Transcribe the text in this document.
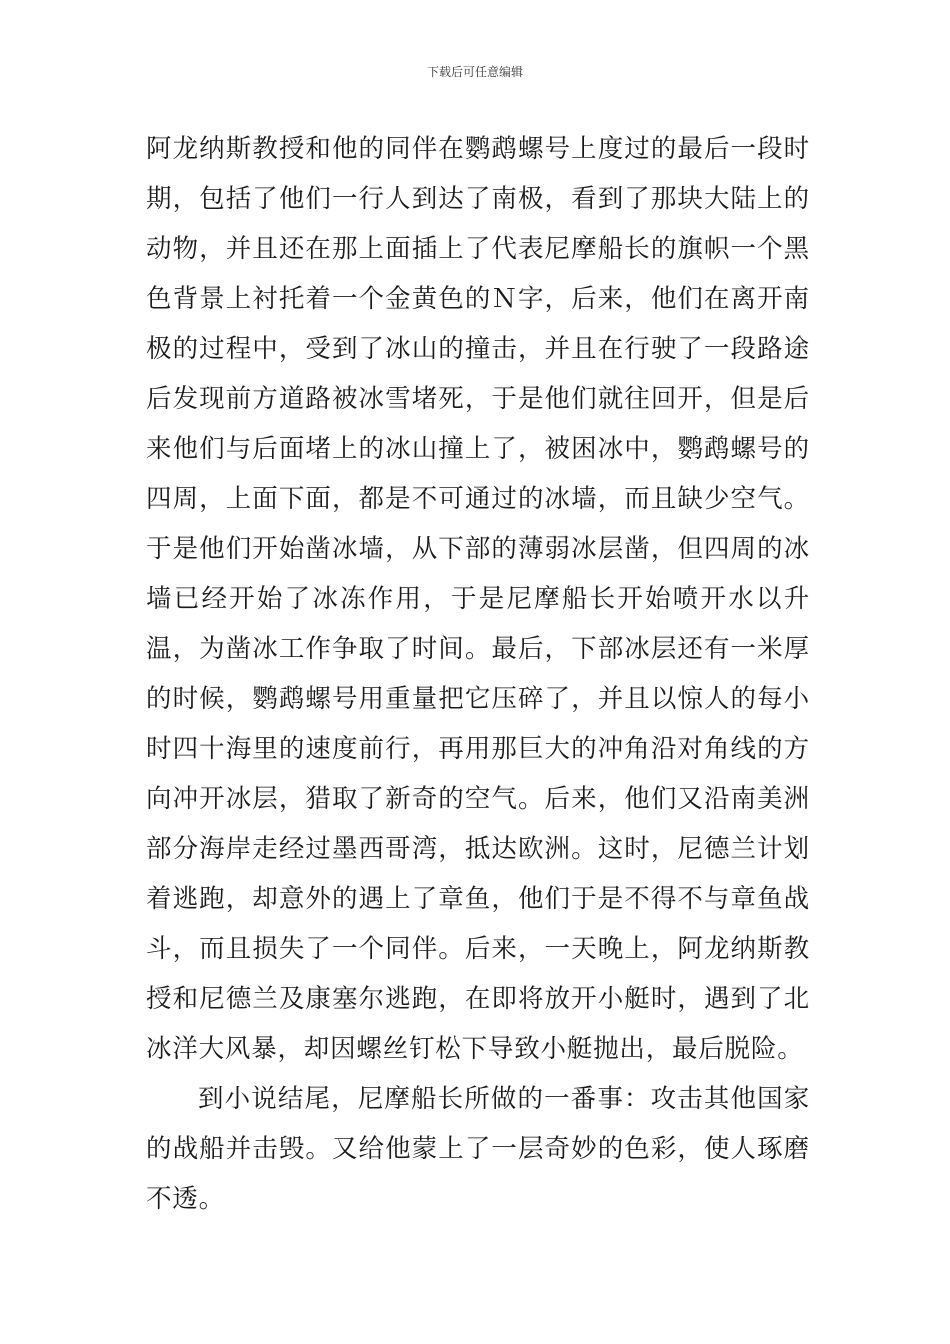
下载后可任意编辑

阿龙纳斯教授和他的同伴在鹦鹉螺号上度过的最后一段时期，包括了他们一行人到达了南极，看到了那块大陆上的动物，并且还在那上面插上了代表尼摩船长的旗帜一个黑色背景上衬托着一个金黄色的Ｎ字，后来，他们在离开南极的过程中，受到了冰山的撞击，并且在行驶了一段路途后发现前方道路被冰雪堵死，于是他们就往回开，但是后来他们与后面堵上的冰山撞上了，被困冰中，鹦鹉螺号的四周，上面下面，都是不可通过的冰墙，而且缺少空气。于是他们开始凿冰墙，从下部的薄弱冰层凿，但四周的冰墙已经开始了冰冻作用，于是尼摩船长开始喷开水以升温，为凿冰工作争取了时间。最后，下部冰层还有一米厚的时候，鹦鹉螺号用重量把它压碎了，并且以惊人的每小时四十海里的速度前行，再用那巨大的冲角沿对角线的方向冲开冰层，猎取了新奇的空气。后来，他们又沿南美洲部分海岸走经过墨西哥湾，抵达欧洲。这时，尼德兰计划着逃跑，却意外的遇上了章鱼，他们于是不得不与章鱼战斗，而且损失了一个同伴。后来，一天晚上，阿龙纳斯教授和尼德兰及康塞尔逃跑，在即将放开小艇时，遇到了北冰洋大风暴，却因螺丝钉松下导致小艇抛出，最后脱险。

到小说结尾，尼摩船长所做的一番事：攻击其他国家的战船并击毁。又给他蒙上了一层奇妙的色彩，使人琢磨不透。
